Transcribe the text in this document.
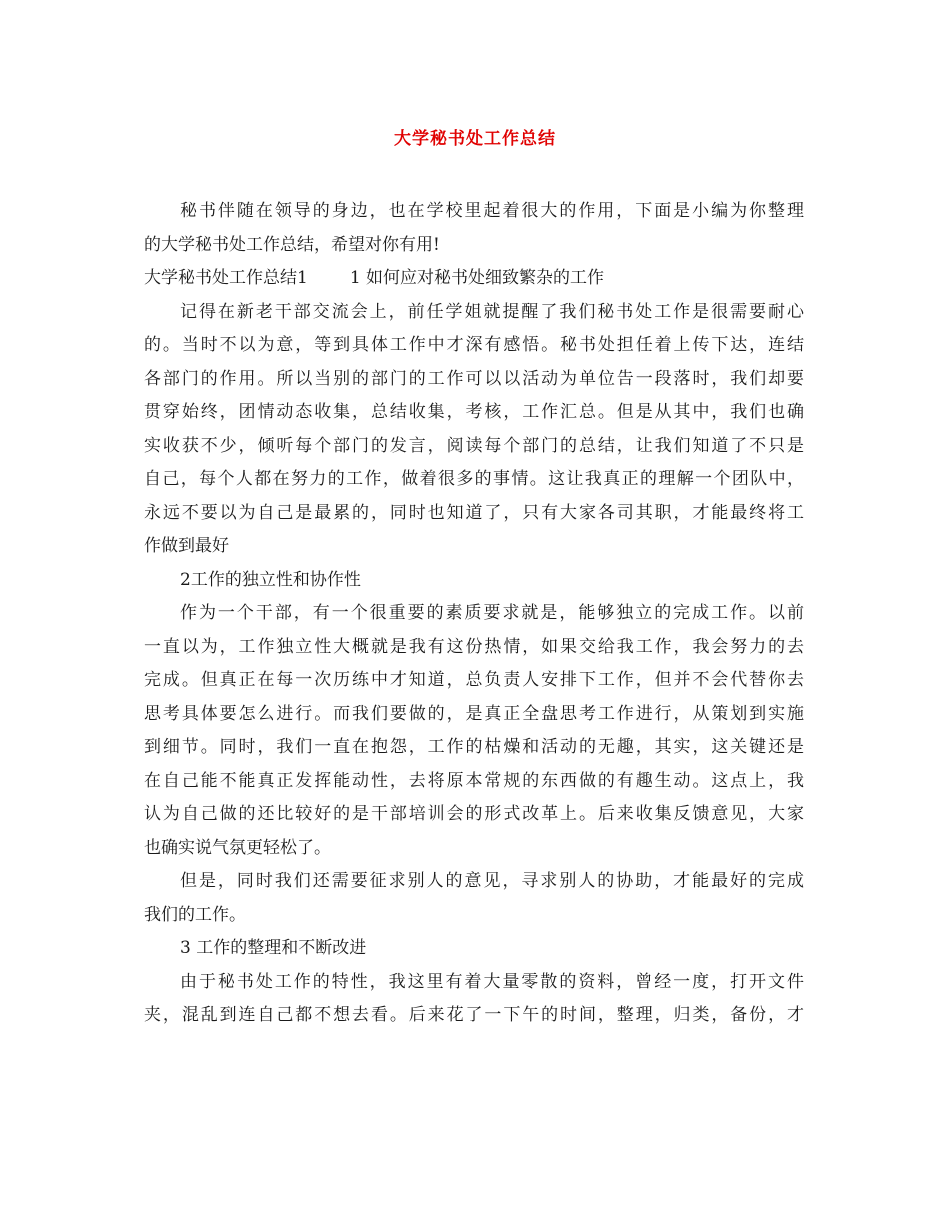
大学秘书处工作总结
秘书伴随在领导的身边，也在学校里起着很大的作用，下面是小编为你整理
的大学秘书处工作总结，希望对你有用!
大学秘书处工作总结1 1 如何应对秘书处细致繁杂的工作
记得在新老干部交流会上，前任学姐就提醒了我们秘书处工作是很需要耐心
的。当时不以为意，等到具体工作中才深有感悟。秘书处担任着上传下达，连结
各部门的作用。所以当别的部门的工作可以以活动为单位告一段落时，我们却要
贯穿始终，团情动态收集，总结收集，考核，工作汇总。但是从其中，我们也确
实收获不少，倾听每个部门的发言，阅读每个部门的总结，让我们知道了不只是
自己，每个人都在努力的工作，做着很多的事情。这让我真正的理解一个团队中，
永远不要以为自己是最累的，同时也知道了，只有大家各司其职，才能最终将工
作做到最好
2工作的独立性和协作性
作为一个干部，有一个很重要的素质要求就是，能够独立的完成工作。以前
一直以为，工作独立性大概就是我有这份热情，如果交给我工作，我会努力的去
完成。但真正在每一次历练中才知道，总负责人安排下工作，但并不会代替你去
思考具体要怎么进行。而我们要做的，是真正全盘思考工作进行，从策划到实施
到细节。同时，我们一直在抱怨，工作的枯燥和活动的无趣，其实，这关键还是
在自己能不能真正发挥能动性，去将原本常规的东西做的有趣生动。这点上，我
认为自己做的还比较好的是干部培训会的形式改革上。后来收集反馈意见，大家
也确实说气氛更轻松了。
但是，同时我们还需要征求别人的意见，寻求别人的协助，才能最好的完成
我们的工作。
3 工作的整理和不断改进
由于秘书处工作的特性，我这里有着大量零散的资料，曾经一度，打开文件
夹，混乱到连自己都不想去看。后来花了一下午的时间，整理，归类，备份，才
